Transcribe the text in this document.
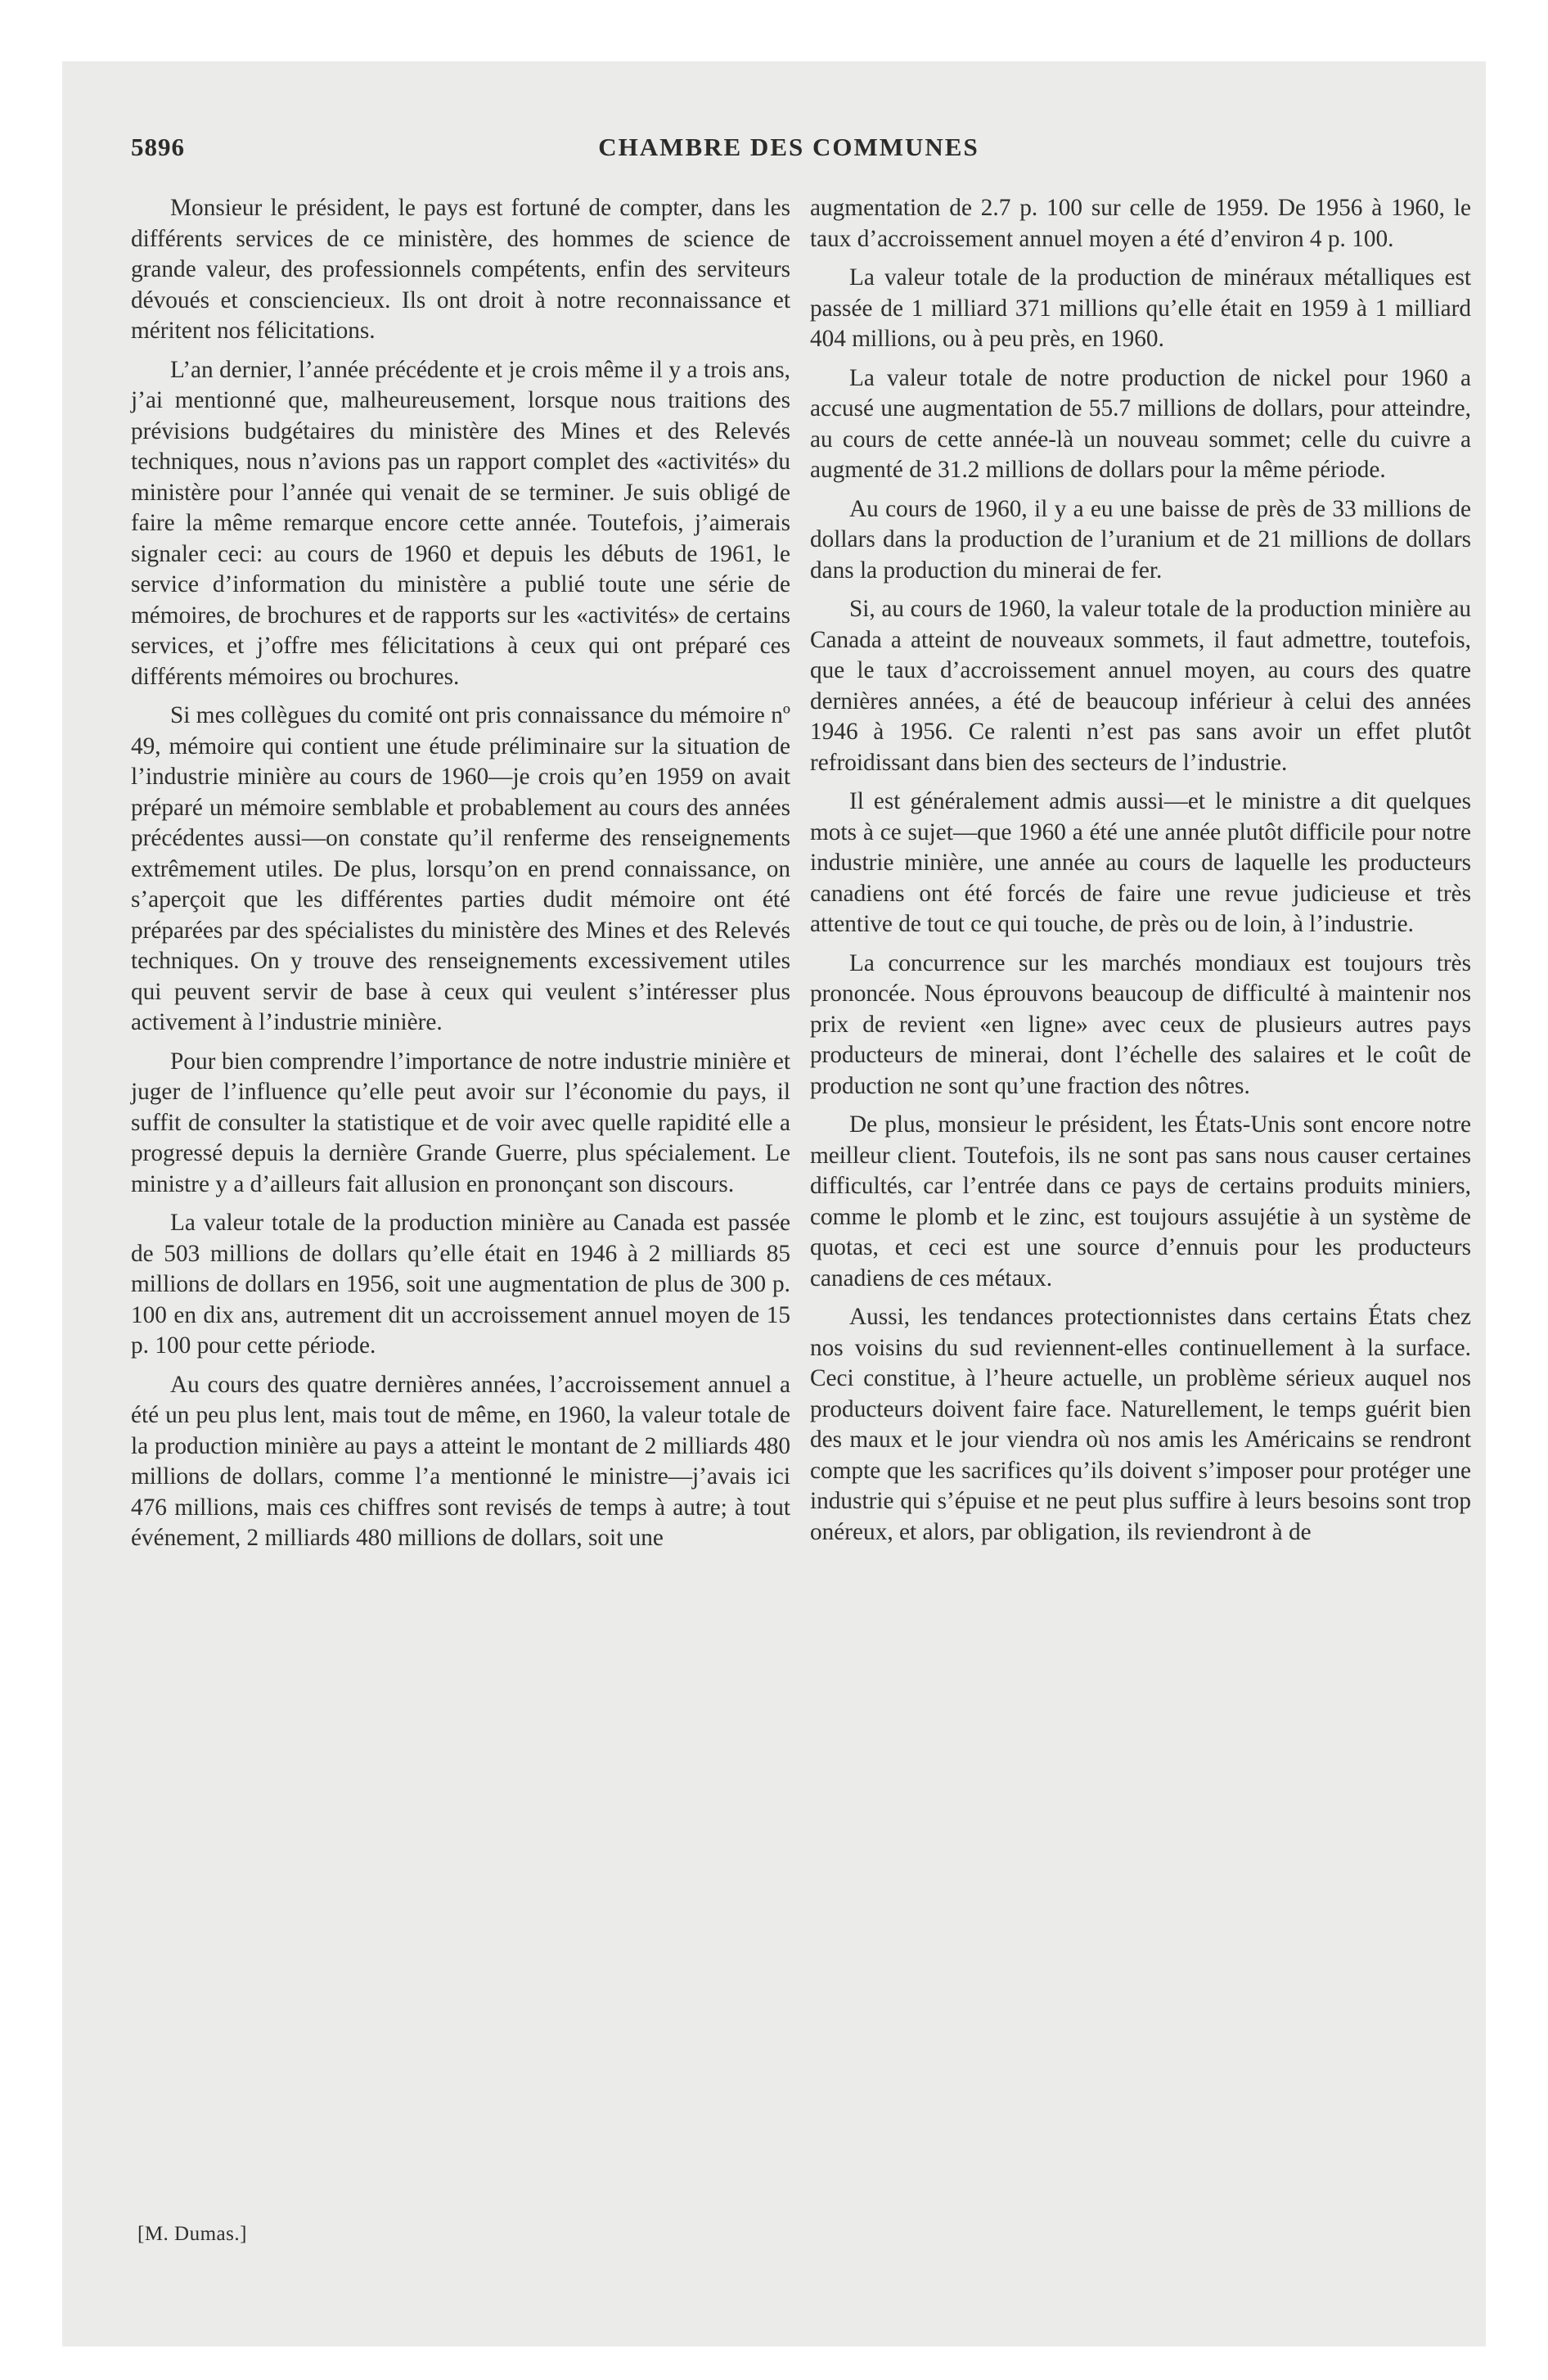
5896	CHAMBRE DES COMMUNES

Monsieur le président, le pays est fortuné de compter, dans les différents services de ce ministère, des hommes de science de grande valeur, des professionnels compétents, enfin des serviteurs dévoués et consciencieux. Ils ont droit à notre reconnaissance et méritent nos félicitations.

L’an dernier, l’année précédente et je crois même il y a trois ans, j’ai mentionné que, malheureusement, lorsque nous traitions des prévisions budgétaires du ministère des Mines et des Relevés techniques, nous n’avions pas un rapport complet des «activités» du ministère pour l’année qui venait de se terminer. Je suis obligé de faire la même remarque encore cette année. Toutefois, j’aimerais signaler ceci: au cours de 1960 et depuis les débuts de 1961, le service d’information du ministère a publié toute une série de mémoires, de brochures et de rapports sur les «activités» de certains services, et j’offre mes félicitations à ceux qui ont préparé ces différents mémoires ou brochures.

Si mes collègues du comité ont pris connaissance du mémoire nº 49, mémoire qui contient une étude préliminaire sur la situation de l’industrie minière au cours de 1960—je crois qu’en 1959 on avait préparé un mémoire semblable et probablement au cours des années précédentes aussi—on constate qu’il renferme des renseignements extrêmement utiles. De plus, lorsqu’on en prend connaissance, on s’aperçoit que les différentes parties dudit mémoire ont été préparées par des spécialistes du ministère des Mines et des Relevés techniques. On y trouve des renseignements excessivement utiles qui peuvent servir de base à ceux qui veulent s’intéresser plus activement à l’industrie minière.

Pour bien comprendre l’importance de notre industrie minière et juger de l’influence qu’elle peut avoir sur l’économie du pays, il suffit de consulter la statistique et de voir avec quelle rapidité elle a progressé depuis la dernière Grande Guerre, plus spécialement. Le ministre y a d’ailleurs fait allusion en prononçant son discours.

La valeur totale de la production minière au Canada est passée de 503 millions de dollars qu’elle était en 1946 à 2 milliards 85 millions de dollars en 1956, soit une augmentation de plus de 300 p. 100 en dix ans, autrement dit un accroissement annuel moyen de 15 p. 100 pour cette période.

Au cours des quatre dernières années, l’accroissement annuel a été un peu plus lent, mais tout de même, en 1960, la valeur totale de la production minière au pays a atteint le montant de 2 milliards 480 millions de dollars, comme l’a mentionné le ministre—j’avais ici 476 millions, mais ces chiffres sont revisés de temps à autre; à tout événement, 2 milliards 480 millions de dollars, soit une

augmentation de 2.7 p. 100 sur celle de 1959. De 1956 à 1960, le taux d’accroissement annuel moyen a été d’environ 4 p. 100.

La valeur totale de la production de minéraux métalliques est passée de 1 milliard 371 millions qu’elle était en 1959 à 1 milliard 404 millions, ou à peu près, en 1960.

La valeur totale de notre production de nickel pour 1960 a accusé une augmentation de 55.7 millions de dollars, pour atteindre, au cours de cette année-là un nouveau sommet; celle du cuivre a augmenté de 31.2 millions de dollars pour la même période.

Au cours de 1960, il y a eu une baisse de près de 33 millions de dollars dans la production de l’uranium et de 21 millions de dollars dans la production du minerai de fer.

Si, au cours de 1960, la valeur totale de la production minière au Canada a atteint de nouveaux sommets, il faut admettre, toutefois, que le taux d’accroissement annuel moyen, au cours des quatre dernières années, a été de beaucoup inférieur à celui des années 1946 à 1956. Ce ralenti n’est pas sans avoir un effet plutôt refroidissant dans bien des secteurs de l’industrie.

Il est généralement admis aussi—et le ministre a dit quelques mots à ce sujet—que 1960 a été une année plutôt difficile pour notre industrie minière, une année au cours de laquelle les producteurs canadiens ont été forcés de faire une revue judicieuse et très attentive de tout ce qui touche, de près ou de loin, à l’industrie.

La concurrence sur les marchés mondiaux est toujours très prononcée. Nous éprouvons beaucoup de difficulté à maintenir nos prix de revient «en ligne» avec ceux de plusieurs autres pays producteurs de minerai, dont l’échelle des salaires et le coût de production ne sont qu’une fraction des nôtres.

De plus, monsieur le président, les États-Unis sont encore notre meilleur client. Toutefois, ils ne sont pas sans nous causer certaines difficultés, car l’entrée dans ce pays de certains produits miniers, comme le plomb et le zinc, est toujours assujétie à un système de quotas, et ceci est une source d’ennuis pour les producteurs canadiens de ces métaux.

Aussi, les tendances protectionnistes dans certains États chez nos voisins du sud reviennent-elles continuellement à la surface. Ceci constitue, à l’heure actuelle, un problème sérieux auquel nos producteurs doivent faire face. Naturellement, le temps guérit bien des maux et le jour viendra où nos amis les Américains se rendront compte que les sacrifices qu’ils doivent s’imposer pour protéger une industrie qui s’épuise et ne peut plus suffire à leurs besoins sont trop onéreux, et alors, par obligation, ils reviendront à de

[M. Dumas.]
